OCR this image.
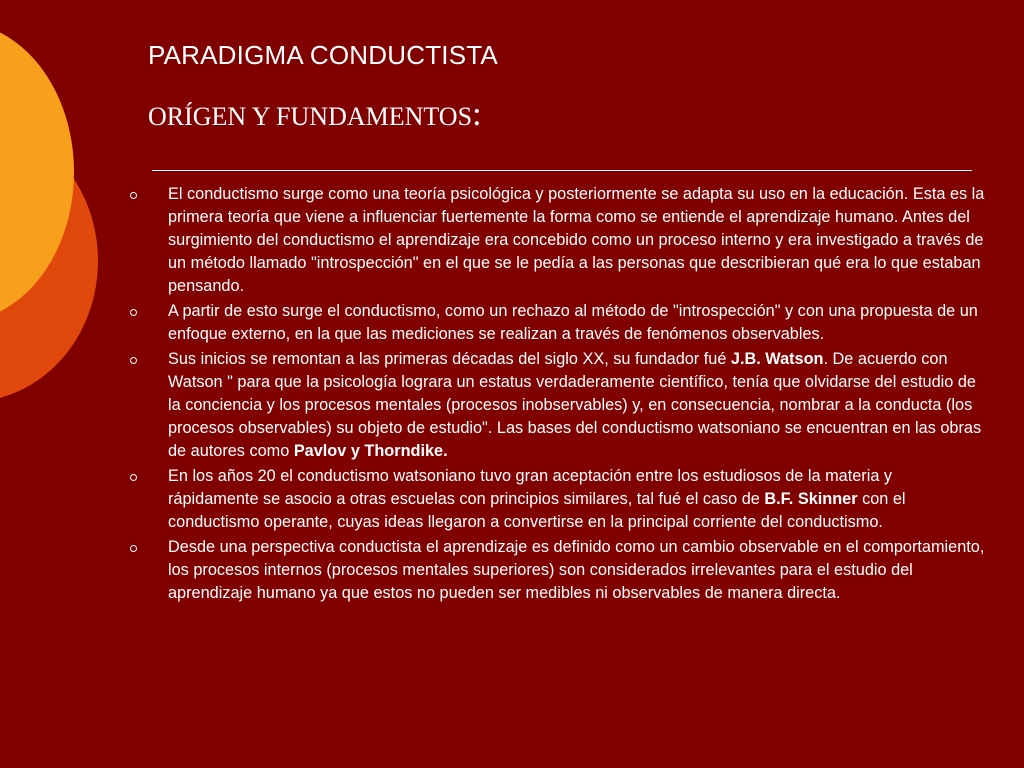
PARADIGMA CONDUCTISTA
ORÍGEN Y FUNDAMENTOS:
El conductismo surge como una teoría psicológica y posteriormente se adapta su uso en la educación. Esta es la primera teoría que viene a influenciar fuertemente la forma como se entiende el aprendizaje humano. Antes del surgimiento del conductismo el aprendizaje era concebido como un proceso interno y era investigado a través de un método llamado "introspección" en el que se le pedía a las personas que describieran qué era lo que estaban pensando.
A partir de esto surge el conductismo, como un rechazo al método de "introspección" y con una propuesta de un enfoque externo, en la que las mediciones se realizan a través de fenómenos observables.
Sus inicios se remontan a las primeras décadas del siglo XX, su fundador fué J.B. Watson. De acuerdo con Watson " para que la psicología lograra un estatus verdaderamente científico, tenía que olvidarse del estudio de la conciencia y los procesos mentales (procesos inobservables) y, en consecuencia, nombrar a la conducta (los procesos observables) su objeto de estudio". Las bases del conductismo watsoniano se encuentran en las obras de autores como Pavlov y Thorndike.
En los años 20 el conductismo watsoniano tuvo gran aceptación entre los estudiosos de la materia y rápidamente se asocio a otras escuelas con principios similares, tal fué el caso de B.F. Skinner con el conductismo operante, cuyas ideas llegaron a convertirse en la principal corriente del conductismo.
Desde una perspectiva conductista el aprendizaje es definido como un cambio observable en el comportamiento, los procesos internos (procesos mentales superiores) son considerados irrelevantes para el estudio del aprendizaje humano ya que estos no pueden ser medibles ni observables de manera directa.
